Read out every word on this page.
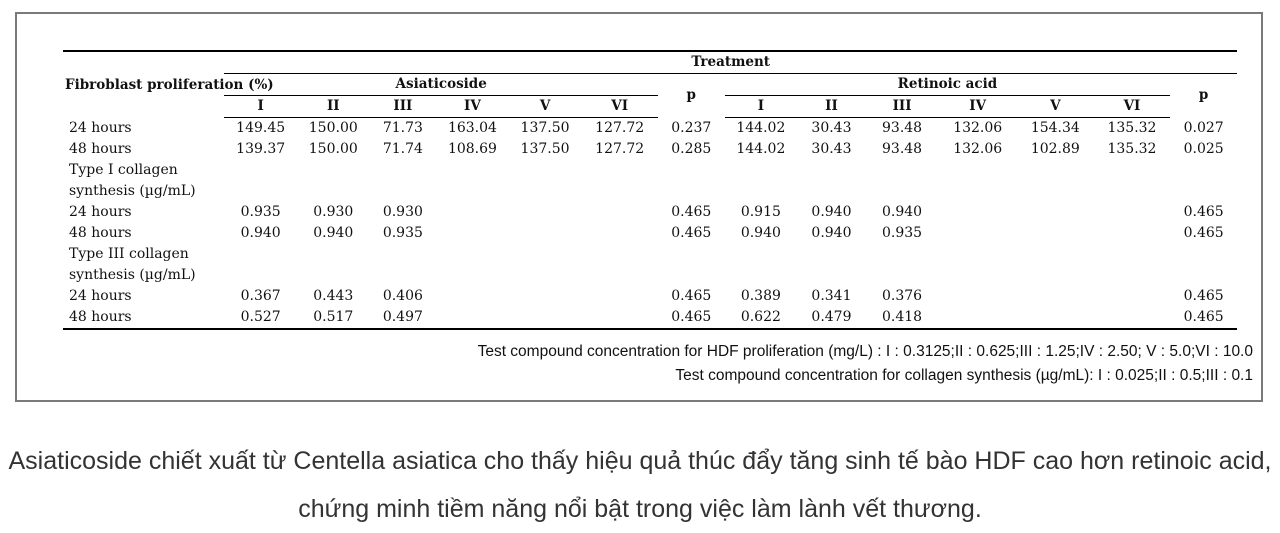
Fibroblast proliferation (%)	Treatment													
	Asiaticoside						p	Retinoic acid						p
	I	II	III	IV	V	VI		I	II	III	IV	V	VI	
24 hours	149.45	150.00	71.73	163.04	137.50	127.72	0.237	144.02	30.43	93.48	132.06	154.34	135.32	0.027
48 hours	139.37	150.00	71.74	108.69	137.50	127.72	0.285	144.02	30.43	93.48	132.06	102.89	135.32	0.025
Type I collagen														
synthesis (µg/mL)														
24 hours	0.935	0.930	0.930				0.465	0.915	0.940	0.940				0.465
48 hours	0.940	0.940	0.935				0.465	0.940	0.940	0.935				0.465
Type III collagen														
synthesis (µg/mL)														
24 hours	0.367	0.443	0.406				0.465	0.389	0.341	0.376				0.465
48 hours	0.527	0.517	0.497				0.465	0.622	0.479	0.418				0.465
Test compound concentration for HDF proliferation (mg/L) : I : 0.3125;II : 0.625;III : 1.25;IV : 2.50; V : 5.0;VI : 10.0
Test compound concentration for collagen synthesis (µg/mL): I : 0.025;II : 0.5;III : 0.1
Asiaticoside chiết xuất từ Centella asiatica cho thấy hiệu quả thúc đẩy tăng sinh tế bào HDF cao hơn retinoic acid, chứng minh tiềm năng nổi bật trong việc làm lành vết thương.
